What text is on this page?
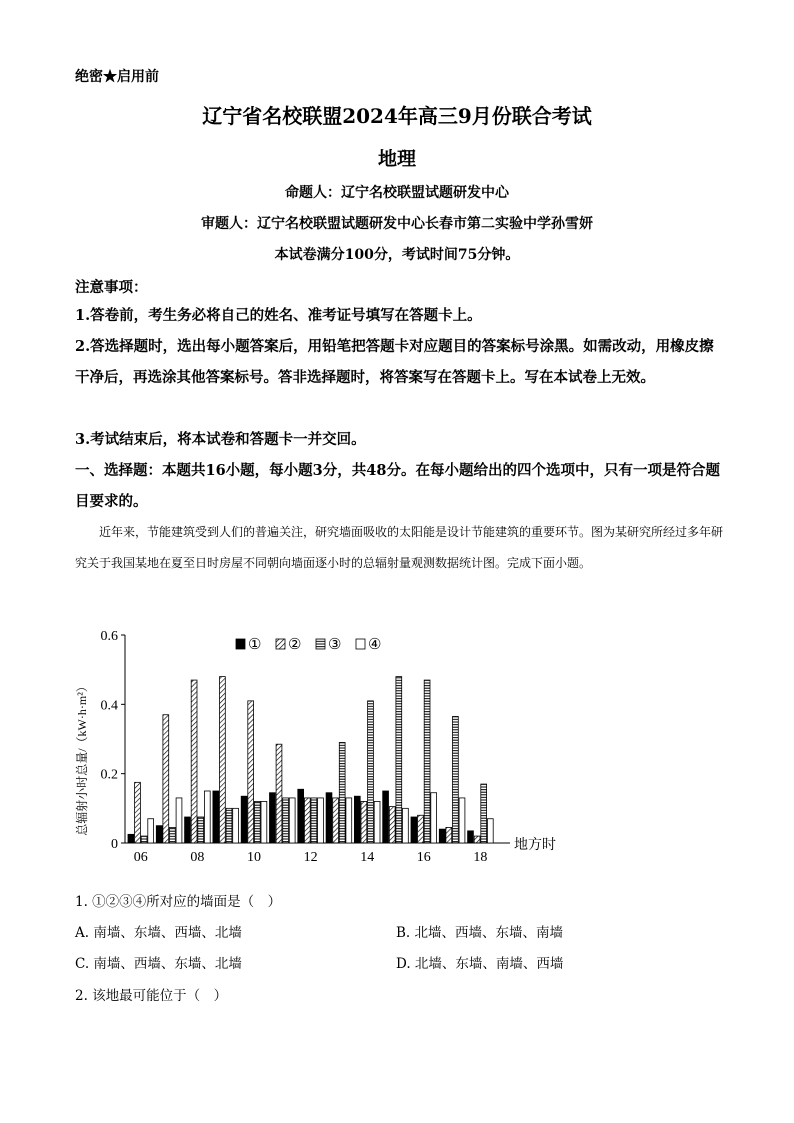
绝密★启用前
辽宁省名校联盟2024年高三9月份联合考试
地理
命题人：辽宁名校联盟试题研发中心
审题人：辽宁名校联盟试题研发中心长春市第二实验中学孙雪妍
本试卷满分100分，考试时间75分钟。
注意事项：
1.答卷前，考生务必将自己的姓名、准考证号填写在答题卡上。
2.答选择题时，选出每小题答案后，用铅笔把答题卡对应题目的答案标号涂黑。如需改动，用橡皮擦干净后，再选涂其他答案标号。答非选择题时，将答案写在答题卡上。写在本试卷上无效。
3.考试结束后，将本试卷和答题卡一并交回。
一、选择题：本题共16小题，每小题3分，共48分。在每小题给出的四个选项中，只有一项是符合题目要求的。
近年来，节能建筑受到人们的普遍关注，研究墙面吸收的太阳能是设计节能建筑的重要环节。图为某研究所经过多年研究关于我国某地在夏至日时房屋不同朝向墙面逐小时的总辐射量观测数据统计图。完成下面小题。
0
0.2
0.4
0.6
06	08	10	12	14	16	18
① ② ③ ④
总辐射小时总量/（kW·h·m²）
地方时
1. ①②③④所对应的墙面是（　）
A. 南墙、东墙、西墙、北墙	B. 北墙、西墙、东墙、南墙
C. 南墙、西墙、东墙、北墙	D. 北墙、东墙、南墙、西墙
2. 该地最可能位于（　）
